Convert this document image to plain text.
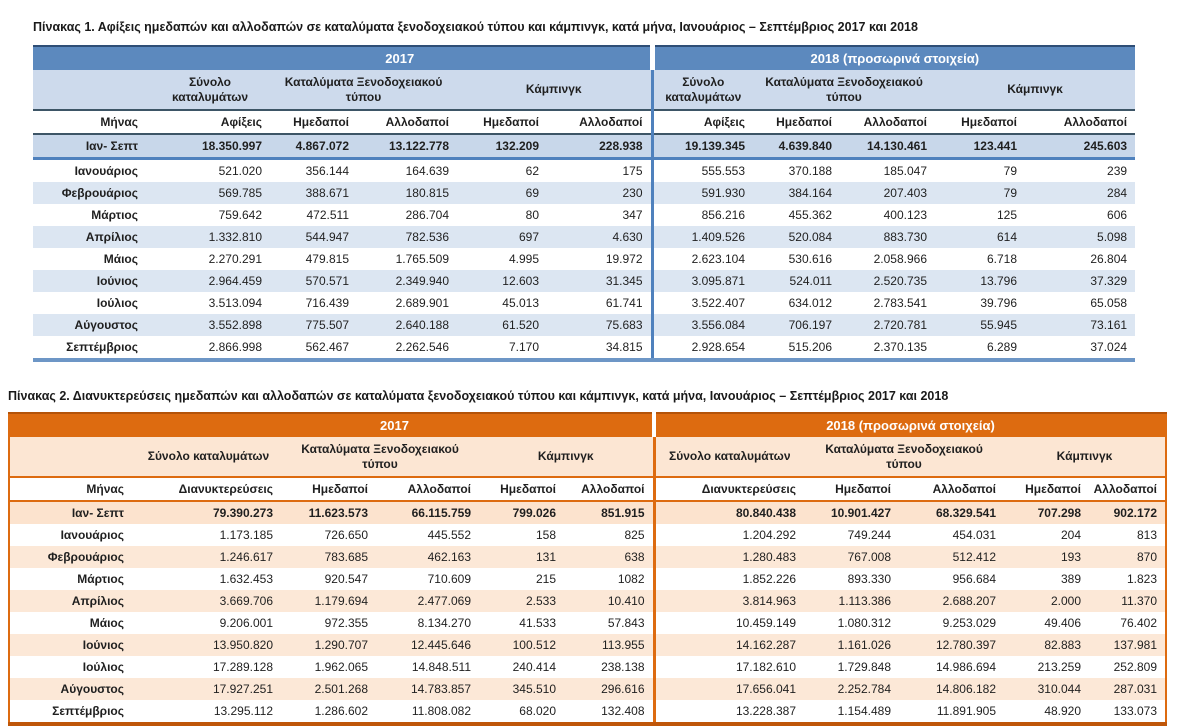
Πίνακας 1. Αφίξεις ημεδαπών και αλλοδαπών σε καταλύματα ξενοδοχειακού τύπου και κάμπινγκ, κατά μήνα, Ιανουάριος – Σεπτέμβριος 2017 και 2018
2017						2018 (προσωρινά στοιχεία)				

	Σύνολο καταλυμάτων	Καταλύματα Ξενοδοχειακού τύπου		Κάμπινγκ		Σύνολο καταλυμάτων	Καταλύματα Ξενοδοχειακού τύπου		Κάμπινγκ	
Μήνας	Αφίξεις	Ημεδαποί	Αλλοδαποί	Ημεδαποί	Αλλοδαποί	Αφίξεις	Ημεδαποί	Αλλοδαποί	Ημεδαποί	Αλλοδαποί
Ιαν- Σεπτ	18.350.997	4.867.072	13.122.778	132.209	228.938	19.139.345	4.639.840	14.130.461	123.441	245.603
Ιανουάριος	521.020	356.144	164.639	62	175	555.553	370.188	185.047	79	239
Φεβρουάριος	569.785	388.671	180.815	69	230	591.930	384.164	207.403	79	284
Μάρτιος	759.642	472.511	286.704	80	347	856.216	455.362	400.123	125	606
Απρίλιος	1.332.810	544.947	782.536	697	4.630	1.409.526	520.084	883.730	614	5.098
Μάιος	2.270.291	479.815	1.765.509	4.995	19.972	2.623.104	530.616	2.058.966	6.718	26.804
Ιούνιος	2.964.459	570.571	2.349.940	12.603	31.345	3.095.871	524.011	2.520.735	13.796	37.329
Ιούλιος	3.513.094	716.439	2.689.901	45.013	61.741	3.522.407	634.012	2.783.541	39.796	65.058
Αύγουστος	3.552.898	775.507	2.640.188	61.520	75.683	3.556.084	706.197	2.720.781	55.945	73.161
Σεπτέμβριος	2.866.998	562.467	2.262.546	7.170	34.815	2.928.654	515.206	2.370.135	6.289	37.024
Πίνακας 2. Διανυκτερεύσεις ημεδαπών και αλλοδαπών σε καταλύματα ξενοδοχειακού τύπου και κάμπινγκ, κατά μήνα, Ιανουάριος – Σεπτέμβριος 2017 και 2018
2017						2018 (προσωρινά στοιχεία)				

	Σύνολο καταλυμάτων	Καταλύματα Ξενοδοχειακού τύπου		Κάμπινγκ		Σύνολο καταλυμάτων	Καταλύματα Ξενοδοχειακού τύπου		Κάμπινγκ	
Μήνας	Διανυκτερεύσεις	Ημεδαποί	Αλλοδαποί	Ημεδαποί	Αλλοδαποί	Διανυκτερεύσεις	Ημεδαποί	Αλλοδαποί	Ημεδαποί	Αλλοδαποί
Ιαν- Σεπτ	79.390.273	11.623.573	66.115.759	799.026	851.915	80.840.438	10.901.427	68.329.541	707.298	902.172
Ιανουάριος	1.173.185	726.650	445.552	158	825	1.204.292	749.244	454.031	204	813
Φεβρουάριος	1.246.617	783.685	462.163	131	638	1.280.483	767.008	512.412	193	870
Μάρτιος	1.632.453	920.547	710.609	215	1082	1.852.226	893.330	956.684	389	1.823
Απρίλιος	3.669.706	1.179.694	2.477.069	2.533	10.410	3.814.963	1.113.386	2.688.207	2.000	11.370
Μάιος	9.206.001	972.355	8.134.270	41.533	57.843	10.459.149	1.080.312	9.253.029	49.406	76.402
Ιούνιος	13.950.820	1.290.707	12.445.646	100.512	113.955	14.162.287	1.161.026	12.780.397	82.883	137.981
Ιούλιος	17.289.128	1.962.065	14.848.511	240.414	238.138	17.182.610	1.729.848	14.986.694	213.259	252.809
Αύγουστος	17.927.251	2.501.268	14.783.857	345.510	296.616	17.656.041	2.252.784	14.806.182	310.044	287.031
Σεπτέμβριος	13.295.112	1.286.602	11.808.082	68.020	132.408	13.228.387	1.154.489	11.891.905	48.920	133.073
